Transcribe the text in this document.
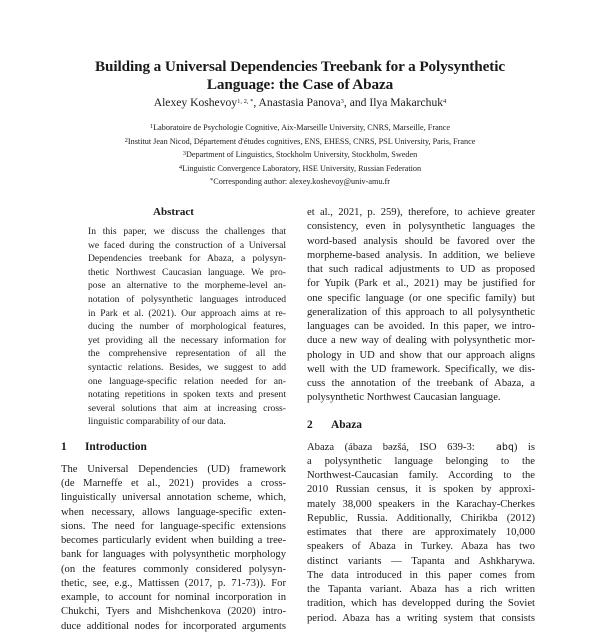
Building a Universal Dependencies Treebank for a Polysynthetic
Language: the Case of Abaza
Alexey Koshevoy$^{1, 2, *}$, Anastasia Panova$^3$, and Ilya Makarchuk$^4$
$^1$Laboratoire de Psychologie Cognitive, Aix-Marseille University, CNRS, Marseille, France
$^2$Institut Jean Nicod, Département d'études cognitives, ENS, EHESS, CNRS, PSL University, Paris, France
$^3$Department of Linguistics, Stockholm University, Stockholm, Sweden
$^4$Linguistic Convergence Laboratory, HSE University, Russian Federation
*Corresponding author: alexey.koshevoy@univ-amu.fr
Abstract
In this paper, we discuss the challenges that
we faced during the construction of a Universal
Dependencies treebank for Abaza, a polysyn-
thetic Northwest Caucasian language. We pro-
pose an alternative to the morpheme-level an-
notation of polysynthetic languages introduced
in Park et al. (2021). Our approach aims at re-
ducing the number of morphological features,
yet providing all the necessary information for
the comprehensive representation of all the
syntactic relations. Besides, we suggest to add
one language-specific relation needed for an-
notating repetitions in spoken texts and present
several solutions that aim at increasing cross-
linguistic comparability of our data.
1	Introduction
The Universal Dependencies (UD) framework
(de Marneffe et al., 2021) provides a cross-
linguistically universal annotation scheme, which,
when necessary, allows language-specific exten-
sions. The need for language-specific extensions
becomes particularly evident when building a tree-
bank for languages with polysynthetic morphology
(on the features commonly considered polysyn-
thetic, see, e.g., Mattissen (2017, p. 71-73)). For
example, to account for nominal incorporation in
Chukchi, Tyers and Mishchenkova (2020) intro-
duce additional nodes for incorporated arguments
et al., 2021, p. 259), therefore, to achieve greater
consistency, even in polysynthetic languages the
word-based analysis should be favored over the
morpheme-based analysis. In addition, we believe
that such radical adjustments to UD as proposed
for Yupik (Park et al., 2021) may be justified for
one specific language (or one specific family) but
generalization of this approach to all polysynthetic
languages can be avoided. In this paper, we intro-
duce a new way of dealing with polysynthetic mor-
phology in UD and show that our approach aligns
well with the UD framework. Specifically, we dis-
cuss the annotation of the treebank of Abaza, a
polysynthetic Northwest Caucasian language.
2	Abaza
Abaza (ábaza bəzšá, ISO 639-3: abq) is
a polysynthetic language belonging to the
Northwest-Caucasian family. According to the
2010 Russian census, it is spoken by approxi-
mately 38,000 speakers in the Karachay-Cherkes
Republic, Russia. Additionally, Chirikba (2012)
estimates that there are approximately 10,000
speakers of Abaza in Turkey. Abaza has two
distinct variants — Tapanta and Ashkharywa.
The data introduced in this paper comes from
the Tapanta variant. Abaza has a rich written
tradition, which has developped during the Soviet
period. Abaza has a writing system that consists
